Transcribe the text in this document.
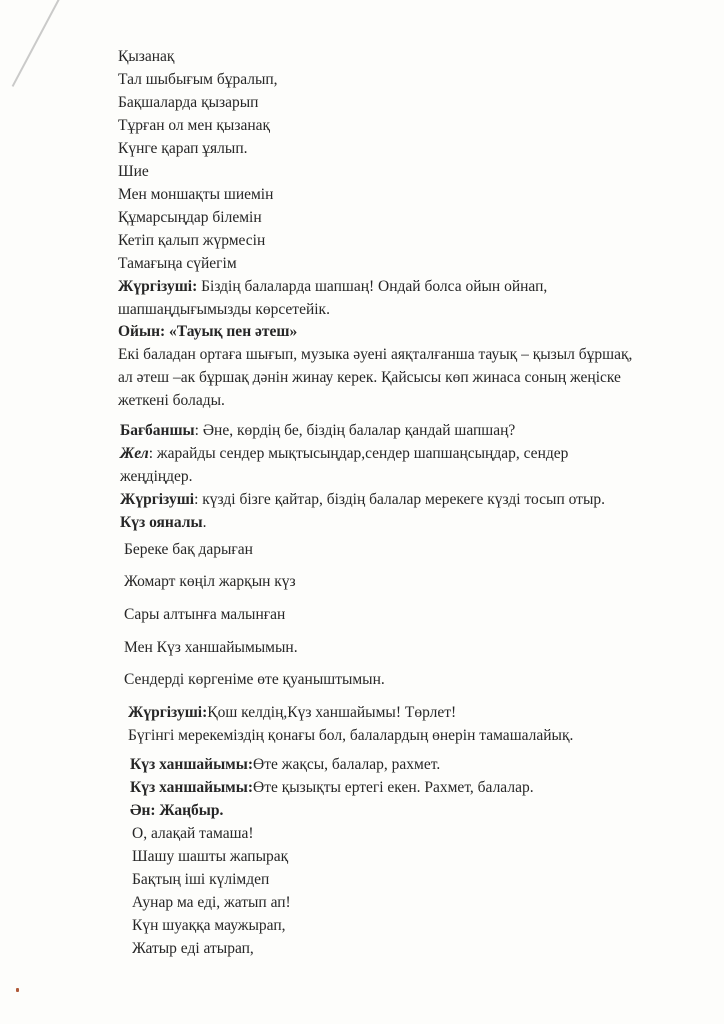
Қызанақ
Тал шыбығым бұралып,
Бақшаларда қызарып
Тұрған ол мен қызанақ
Күнге қарап ұялып.
Шие
Мен моншақты шиемін
Құмарсыңдар білемін
Кетіп қалып жүрмесін
Тамағыңа сүйегім
Жүргізуші: Біздің балаларда шапшаң! Ондай болса ойын ойнап,
шапшаңдығымызды көрсетейік.
Ойын: «Тауық пен әтеш»
Екі баладан ортаға шығып, музыка әуені аяқталғанша тауық – қызыл бұршақ,
ал әтеш –ак бұршақ дәнін жинау керек. Қайсысы көп жинаса соның жеңіске
жеткені болады.
Бағбаншы: Әне, көрдің бе, біздің балалар қандай шапшаң?
Жел: жарайды сендер мықтысыңдар,сендер шапшаңсыңдар, сендер
жеңдіңдер.
Жүргізуші: күзді бізге қайтар, біздің балалар мерекеге күзді тосып отыр.
Күз ояналы.
Береке бақ дарыған
Жомарт көңіл жарқын күз
Сары алтынға малынған
Мен Күз ханшайымымын.
Сендерді көргеніме өте қуаныштымын.
Жүргізуші:Қош келдің,Күз ханшайымы! Төрлет!
Бүгінгі мерекеміздің қонағы бол, балалардың өнерін тамашалайық.
Күз ханшайымы:Өте жақсы, балалар, рахмет.
Күз ханшайымы:Өте қызықты ертегі екен. Рахмет, балалар.
Ән: Жаңбыр.
О, алақай тамаша!
Шашу шашты жапырақ
Бақтың іші күлімдеп
Аунар ма еді, жатып ап!
Күн шуаққа маужырап,
Жатыр еді атырап,
